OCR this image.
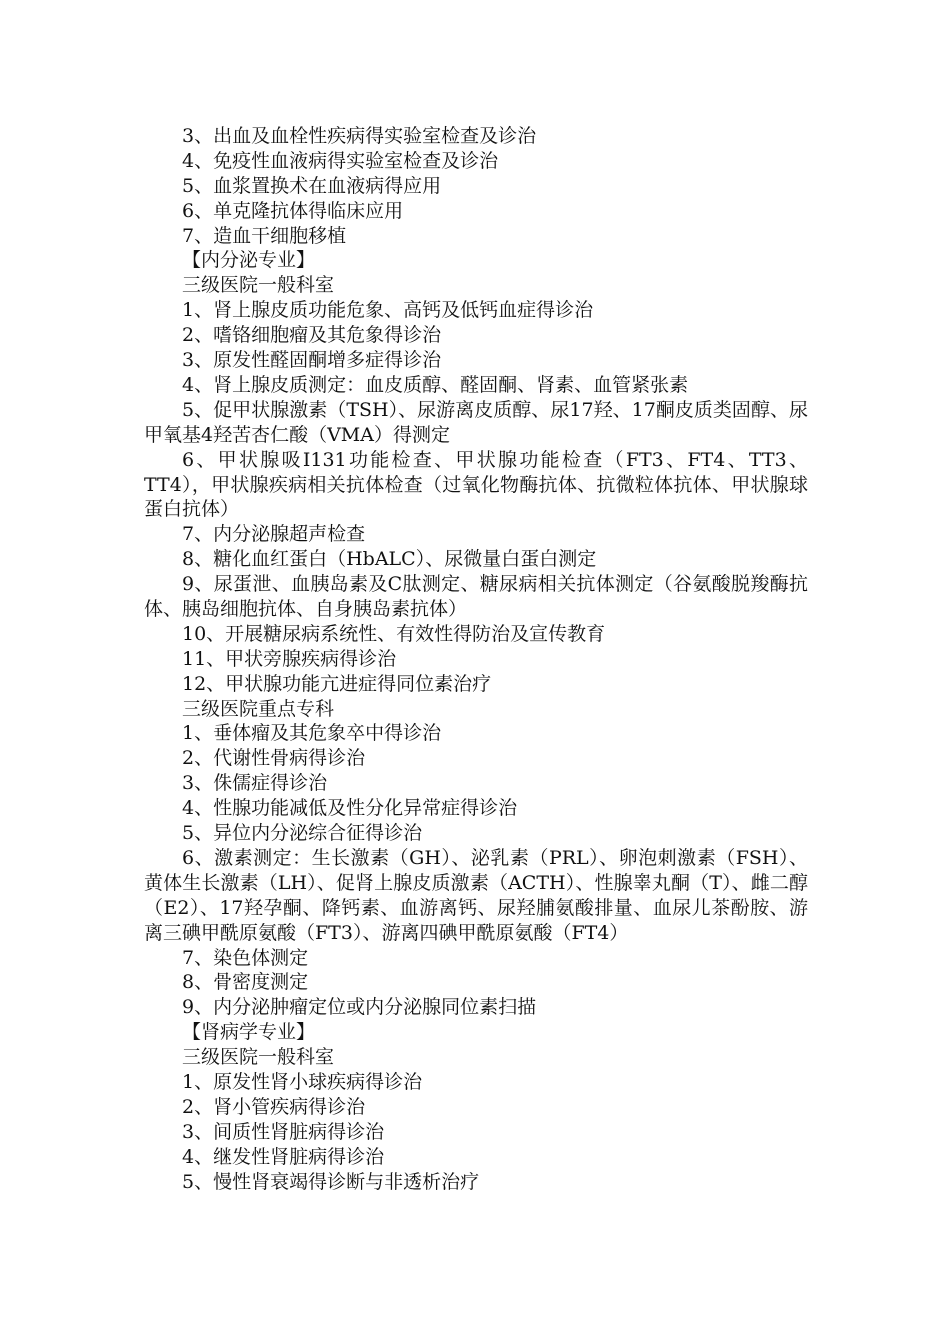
3、出血及血栓性疾病得实验室检查及诊治
4、免疫性血液病得实验室检查及诊治
5、血浆置换术在血液病得应用
6、单克隆抗体得临床应用
7、造血干细胞移植
【内分泌专业】
三级医院一般科室
1、肾上腺皮质功能危象、高钙及低钙血症得诊治
2、嗜铬细胞瘤及其危象得诊治
3、原发性醛固酮增多症得诊治
4、肾上腺皮质测定：血皮质醇、醛固酮、肾素、血管紧张素
5、促甲状腺激素（TSH）、尿游离皮质醇、尿17羟、17酮皮质类固醇、尿甲氧基4羟苦杏仁酸（VMA）得测定
6、甲状腺吸I131功能检查、甲状腺功能检查（FT3、FT4、TT3、TT4），甲状腺疾病相关抗体检查（过氧化物酶抗体、抗微粒体抗体、甲状腺球蛋白抗体）
7、内分泌腺超声检查
8、糖化血红蛋白（HbALC）、尿微量白蛋白测定
9、尿蛋泄、血胰岛素及C肽测定、糖尿病相关抗体测定（谷氨酸脱羧酶抗体、胰岛细胞抗体、自身胰岛素抗体）
10、开展糖尿病系统性、有效性得防治及宣传教育
11、甲状旁腺疾病得诊治
12、甲状腺功能亢进症得同位素治疗
三级医院重点专科
1、垂体瘤及其危象卒中得诊治
2、代谢性骨病得诊治
3、侏儒症得诊治
4、性腺功能减低及性分化异常症得诊治
5、异位内分泌综合征得诊治
6、激素测定：生长激素（GH）、泌乳素（PRL）、卵泡刺激素（FSH）、黄体生长激素（LH）、促肾上腺皮质激素（ACTH）、性腺睾丸酮（T）、雌二醇（E2）、17羟孕酮、降钙素、血游离钙、尿羟脯氨酸排量、血尿儿茶酚胺、游离三碘甲酰原氨酸（FT3）、游离四碘甲酰原氨酸（FT4）
7、染色体测定
8、骨密度测定
9、内分泌肿瘤定位或内分泌腺同位素扫描
【肾病学专业】
三级医院一般科室
1、原发性肾小球疾病得诊治
2、肾小管疾病得诊治
3、间质性肾脏病得诊治
4、继发性肾脏病得诊治
5、慢性肾衰竭得诊断与非透析治疗
